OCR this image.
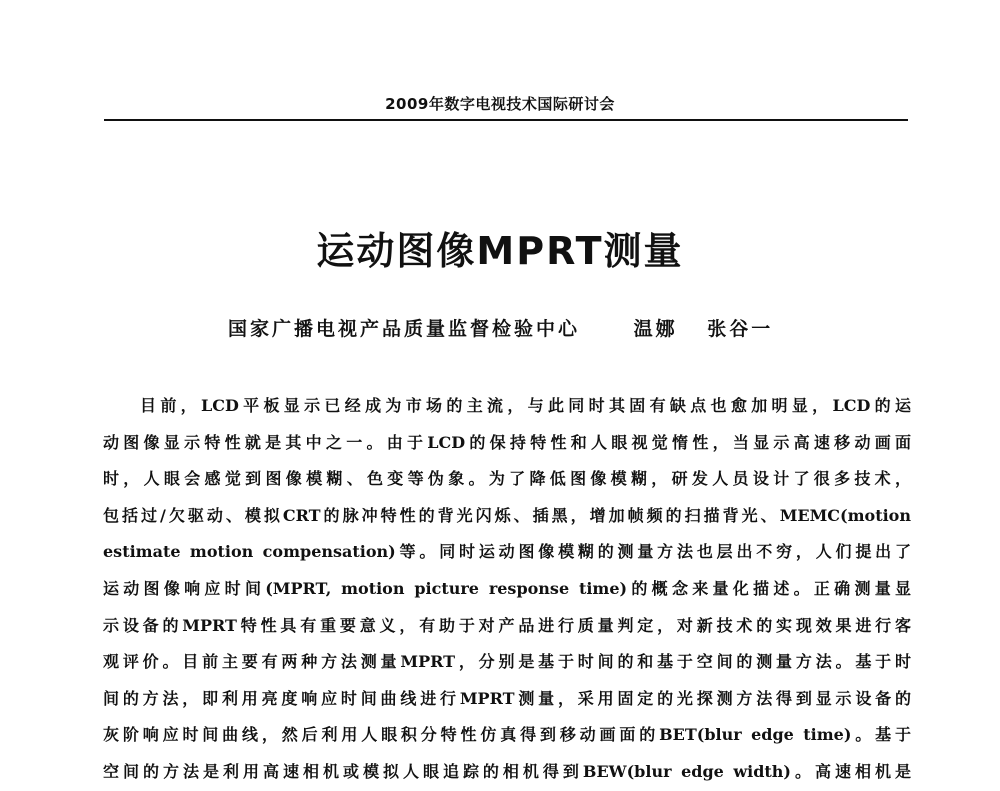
2009年数字电视技术国际研讨会
运动图像MPRT测量
国家广播电视产品质量监督检验中心	温娜 张谷一
目前，LCD平板显示已经成为市场的主流，与此同时其固有缺点也愈加明显，LCD的运
动图像显示特性就是其中之一。由于LCD的保持特性和人眼视觉惰性，当显示高速移动画面
时，人眼会感觉到图像模糊、色变等伪象。为了降低图像模糊，研发人员设计了很多技术，
包括过/欠驱动、模拟CRT的脉冲特性的背光闪烁、插黑，增加帧频的扫描背光、MEMC(motion
estimate motion compensation)等。同时运动图像模糊的测量方法也层出不穷，人们提出了
运动图像响应时间(MPRT, motion picture response time)的概念来量化描述。正确测量显
示设备的MPRT特性具有重要意义，有助于对产品进行质量判定，对新技术的实现效果进行客
观评价。目前主要有两种方法测量MPRT，分别是基于时间的和基于空间的测量方法。基于时
间的方法，即利用亮度响应时间曲线进行MPRT测量，采用固定的光探测方法得到显示设备的
灰阶响应时间曲线，然后利用人眼积分特性仿真得到移动画面的BET(blur edge time)。基于
空间的方法是利用高速相机或模拟人眼追踪的相机得到BEW(blur edge width)。高速相机是
